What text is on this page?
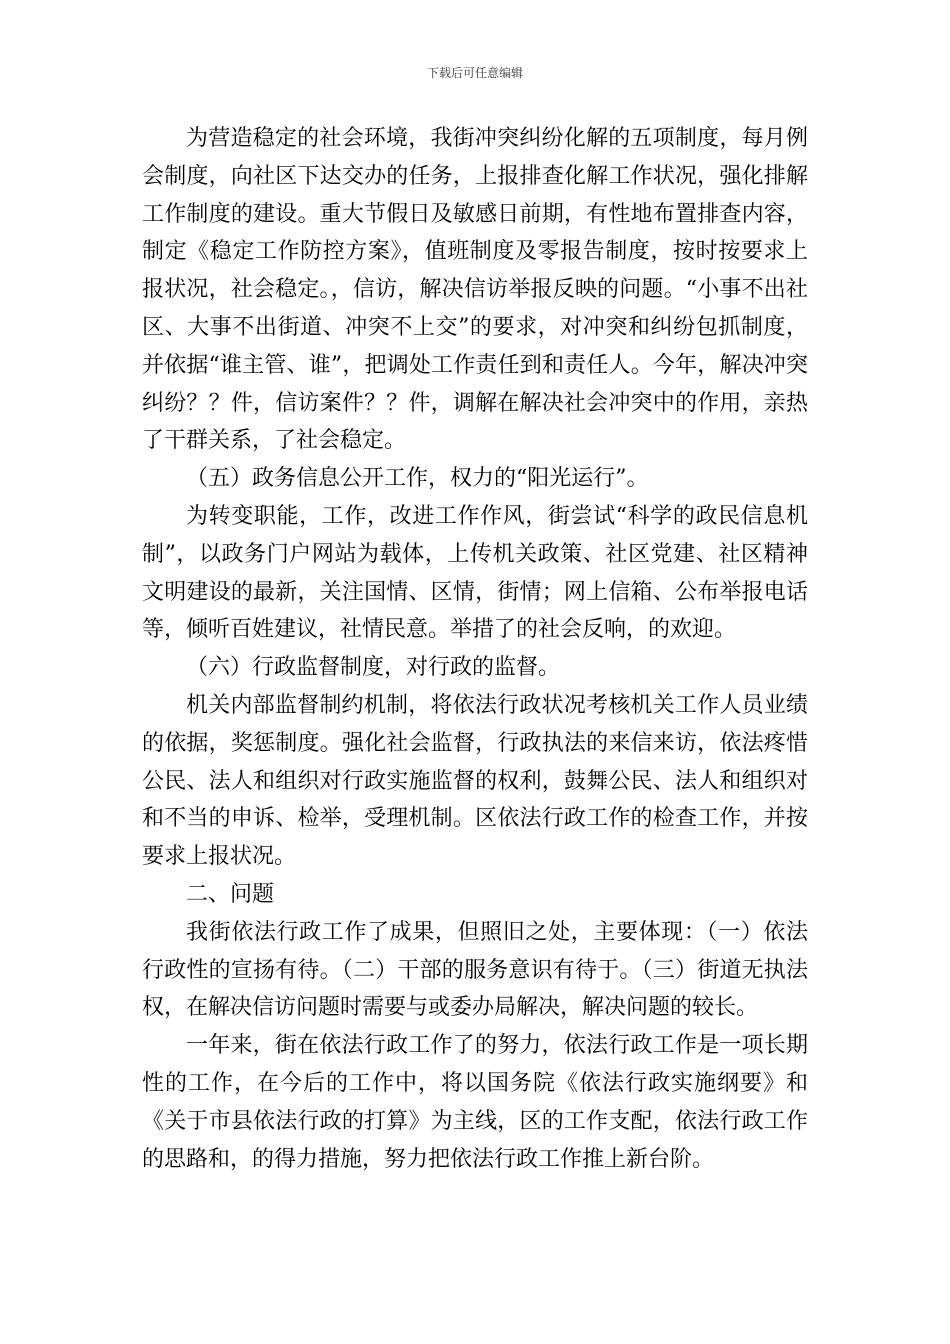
下载后可任意编辑

为营造稳定的社会环境，我街冲突纠纷化解的五项制度，每月例会制度，向社区下达交办的任务，上报排查化解工作状况，强化排解工作制度的建设。重大节假日及敏感日前期，有性地布置排查内容，制定《稳定工作防控方案》，值班制度及零报告制度，按时按要求上报状况，社会稳定。，信访，解决信访举报反映的问题。“小事不出社区、大事不出街道、冲突不上交”的要求，对冲突和纠纷包抓制度，并依据“谁主管、谁”，把调处工作责任到和责任人。今年，解决冲突纠纷？？件，信访案件？？件，调解在解决社会冲突中的作用，亲热了干群关系，了社会稳定。

（五）政务信息公开工作，权力的“阳光运行”。

为转变职能，工作，改进工作作风，街尝试“科学的政民信息机制”，以政务门户网站为载体，上传机关政策、社区党建、社区精神文明建设的最新，关注国情、区情，街情；网上信箱、公布举报电话等，倾听百姓建议，社情民意。举措了的社会反响，的欢迎。

（六）行政监督制度，对行政的监督。

机关内部监督制约机制，将依法行政状况考核机关工作人员业绩的依据，奖惩制度。强化社会监督，行政执法的来信来访，依法疼惜公民、法人和组织对行政实施监督的权利，鼓舞公民、法人和组织对和不当的申诉、检举，受理机制。区依法行政工作的检查工作，并按要求上报状况。

二、问题

我街依法行政工作了成果，但照旧之处，主要体现：（一）依法行政性的宣扬有待。（二）干部的服务意识有待于。（三）街道无执法权，在解决信访问题时需要与或委办局解决，解决问题的较长。

一年来，街在依法行政工作了的努力，依法行政工作是一项长期性的工作，在今后的工作中，将以国务院《依法行政实施纲要》和《关于市县依法行政的打算》为主线，区的工作支配，依法行政工作的思路和，的得力措施，努力把依法行政工作推上新台阶。
